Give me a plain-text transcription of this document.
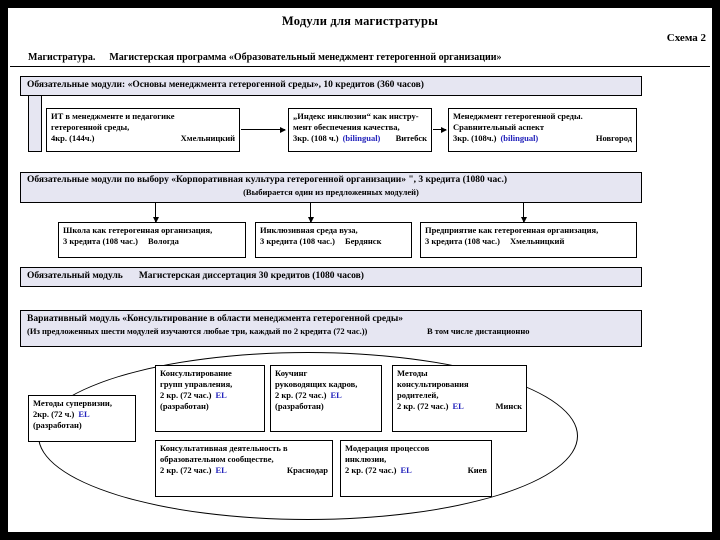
Модули для магистратуры
Схема 2
Магистратура. Магистерская программа «Образовательный менеджмент гетерогенной организации»
Обязательные модули: «Основы менеджмента гетерогенной среды», 10 кредитов (360 часов)
ИТ в менеджменте и педагогике
гетерогенной среды,
4кр. (144ч.)	Хмельницкий
„Индекс инклюзии“ как инстру-
мент обеспечения качества,
3кр. (108 ч.) (bilingual) Витебск
Менеджмент гетерогенной среды.
Сравнительный аспект
3кр. (108ч.) (bilingual)	Новгород
Обязательные модули по выбору «Корпоративная культура гетерогенной организации» ", 3 кредита (1080 час.)
(Выбирается один из предложенных модулей)
Школа как гетерогенная организация,
3 кредита (108 час.) Вологда
Инклюзивная среда вуза,
3 кредита (108 час.) Бердянск
Предприятие как гетерогенная организация,
3 кредита (108 час.) Хмельницкий
Обязательный модуль Магистерская диссертация 30 кредитов (1080 часов)
Вариативный модуль «Консультирование в области менеджмента гетерогенной среды»
(Из предложенных шести модулей изучаются любые три, каждый по 2 кредита (72 час.))	В том числе дистанционно
Методы супервизии,
2кр. (72 ч.) EL
(разработан)
Консультирование
групп управления,
2 кр. (72 час.) EL
(разработан)
Коучинг
руководящих кадров,
2 кр. (72 час.) EL
(разработан)
Методы
консультирования
родителей,
2 кр. (72 час.) EL	Минск
Консультативная деятельность в
образовательном сообществе,
2 кр. (72 час.) EL	Краснодар
Модерация процессов
инклюзии,
2 кр. (72 час.) EL	Киев
